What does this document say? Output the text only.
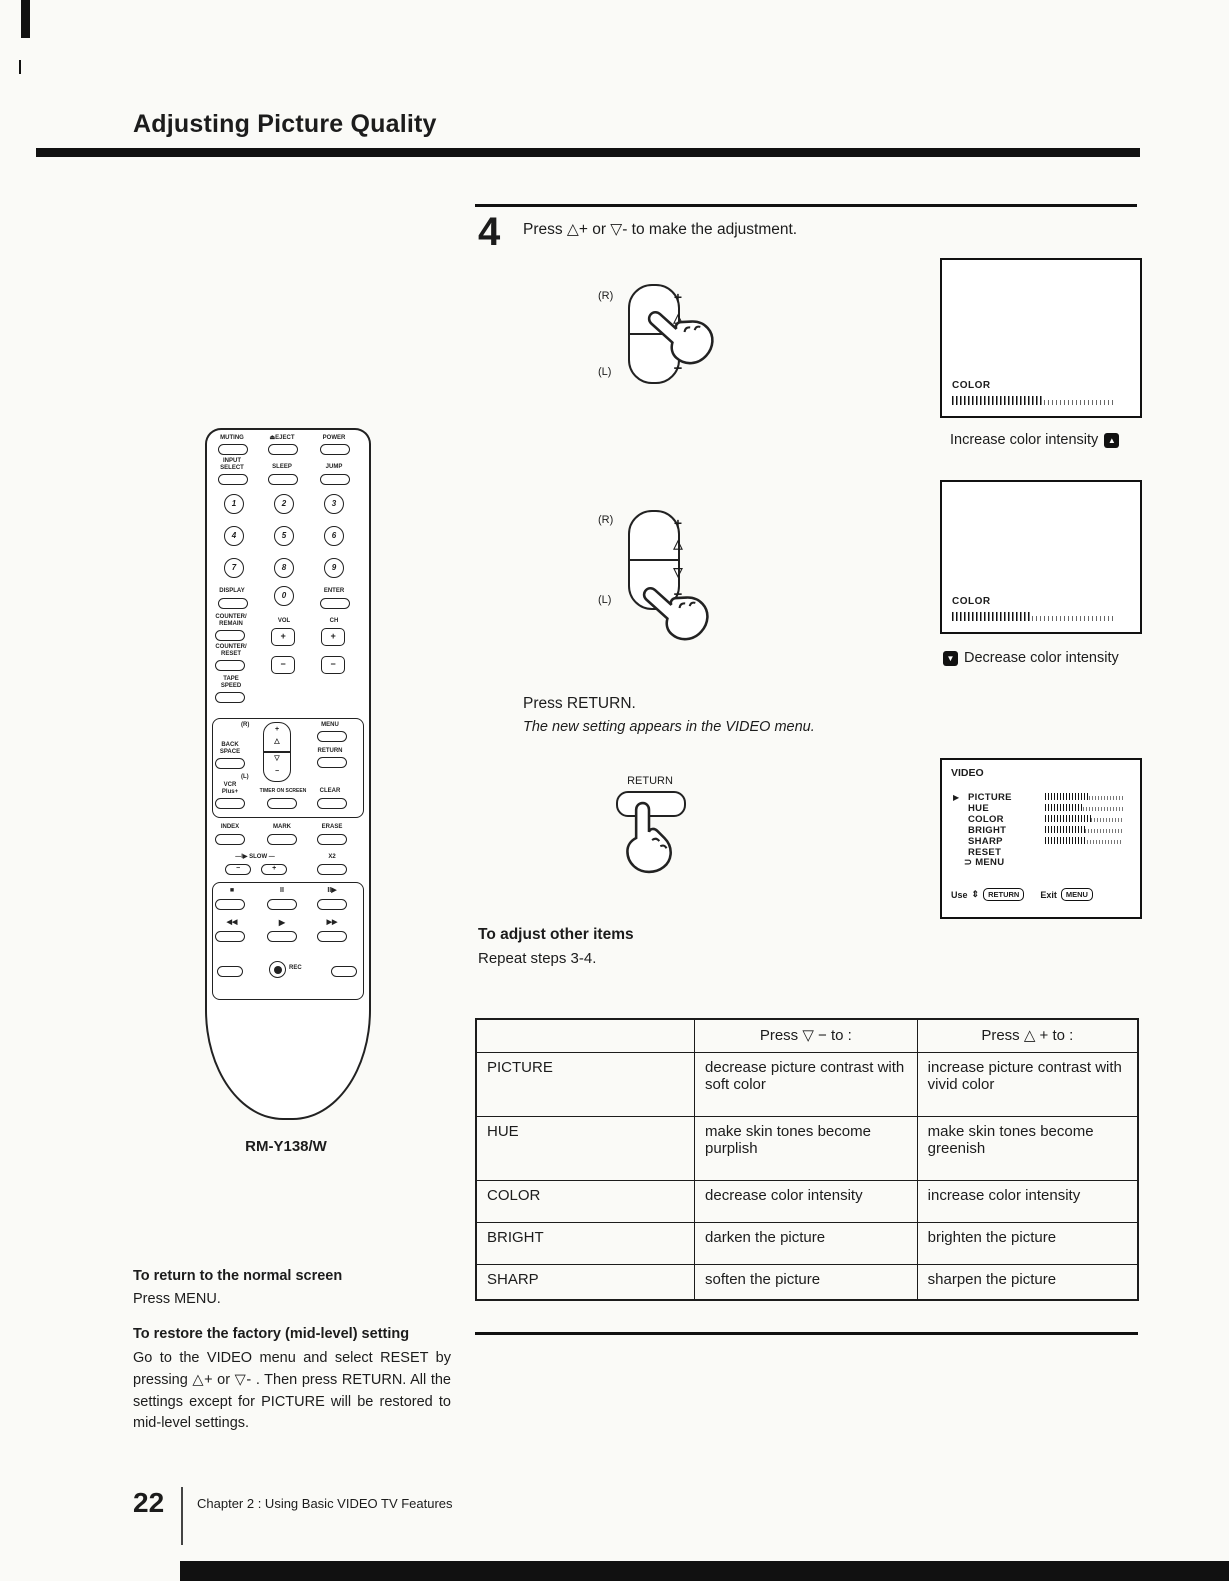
Adjusting Picture Quality
4 Press △+ or ▽- to make the adjustment.
(R)
(L)
+
△
−
COLOR
Increase color intensity	▲
(R)
(L)
+
△
▽
−	COLOR
▼ Decrease color intensity
Press RETURN.
The new setting appears in the VIDEO menu.
RETURN
VIDEO
▶ PICTURE
HUE
COLOR
BRIGHT
SHARP
RESET
⊃ MENU
Use ⇕	RETURN	Exit	MENU
To adjust other items
Repeat steps 3-4.
	Press ▽ − to :	Press △ + to :
PICTURE	decrease picture contrast with soft color	increase picture contrast with vivid color
HUE	make skin tones become purplish	make skin tones become greenish
COLOR	decrease color intensity	increase color intensity
BRIGHT	darken the picture	brighten the picture
SHARP	soften the picture	sharpen the picture
To return to the normal screen
Press MENU.
To restore the factory (mid-level) setting
Go to the VIDEO menu and select RESET by pressing △+ or ▽- . Then press RETURN. All the settings except for PICTURE will be restored to mid-level settings.
22	Chapter 2 : Using Basic VIDEO TV Features
MUTING	⏏EJECT	POWER
INPUT
SELECT	SLEEP	JUMP
1	2	3
4	5	6
7	8	9
DISPLAY	ENTER
0
COUNTER/
REMAIN	VOL	CH
+	+
−	−
COUNTER/
RESET
TAPE
SPEED
(R)
+
△
▽
−
MENU
BACK
SPACE
(L)
RETURN
VCR
Plus+	TIMER ON SCREEN	CLEAR
INDEX	MARK	ERASE
—I▶ SLOW —	X2
−	+
■	II	II▶
◀◀	▶	▶▶
REC
RM-Y138/W
